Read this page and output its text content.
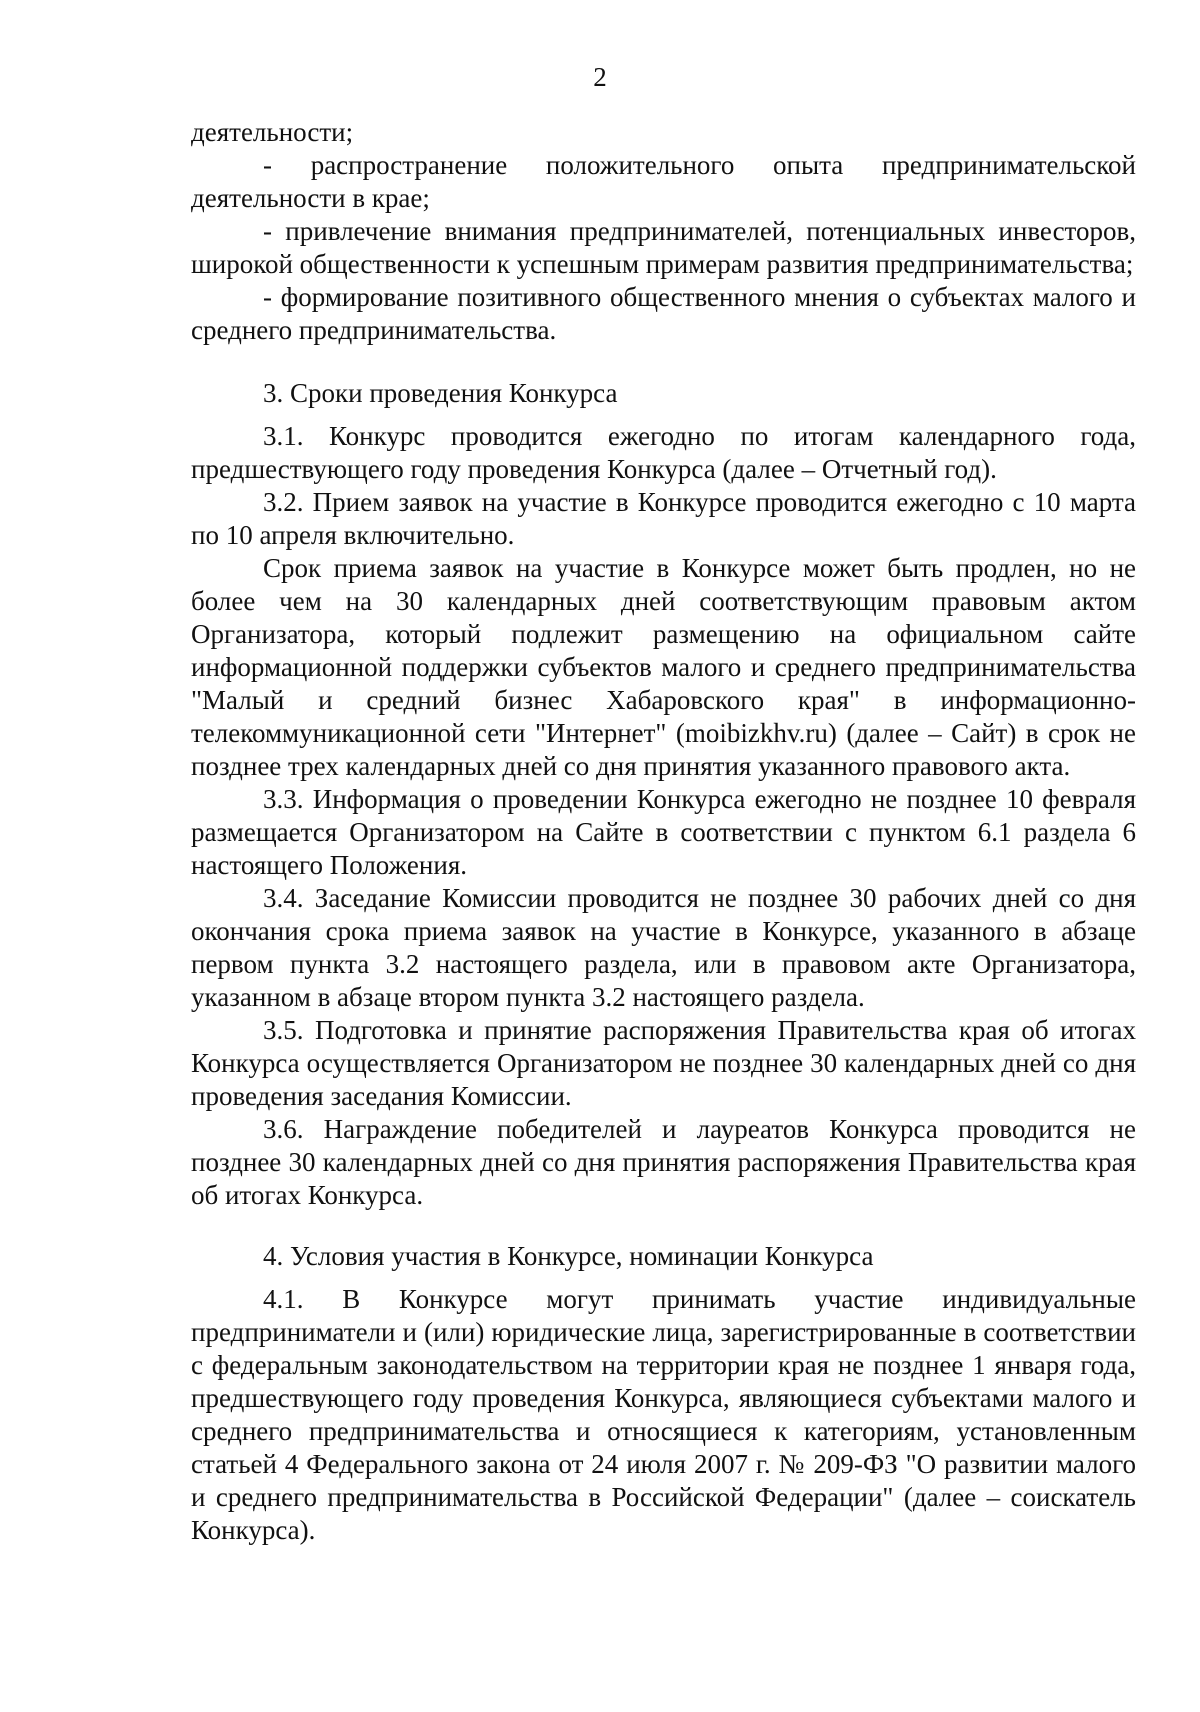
2

деятельности;

- распространение положительного опыта предпринимательской деятельности в крае;

- привлечение внимания предпринимателей, потенциальных инвесторов, широкой общественности к успешным примерам развития предпринимательства;

- формирование позитивного общественного мнения о субъектах малого и среднего предпринимательства.

3. Сроки проведения Конкурса

3.1. Конкурс проводится ежегодно по итогам календарного года, предшествующего году проведения Конкурса (далее – Отчетный год).

3.2. Прием заявок на участие в Конкурсе проводится ежегодно с 10 марта по 10 апреля включительно.

Срок приема заявок на участие в Конкурсе может быть продлен, но не более чем на 30 календарных дней соответствующим правовым актом Организатора, который подлежит размещению на официальном сайте информационной поддержки субъектов малого и среднего предпринимательства "Малый и средний бизнес Хабаровского края" в информационно-телекоммуникационной сети "Интернет" (moibizkhv.ru) (далее – Сайт) в срок не позднее трех календарных дней со дня принятия указанного правового акта.

3.3. Информация о проведении Конкурса ежегодно не позднее 10 февраля размещается Организатором на Сайте в соответствии с пунктом 6.1 раздела 6 настоящего Положения.

3.4. Заседание Комиссии проводится не позднее 30 рабочих дней со дня окончания срока приема заявок на участие в Конкурсе, указанного в абзаце первом пункта 3.2 настоящего раздела, или в правовом акте Организатора, указанном в абзаце втором пункта 3.2 настоящего раздела.

3.5. Подготовка и принятие распоряжения Правительства края об итогах Конкурса осуществляется Организатором не позднее 30 календарных дней со дня проведения заседания Комиссии.

3.6. Награждение победителей и лауреатов Конкурса проводится не позднее 30 календарных дней со дня принятия распоряжения Правительства края об итогах Конкурса.

4. Условия участия в Конкурсе, номинации Конкурса

4.1. В Конкурсе могут принимать участие индивидуальные предприниматели и (или) юридические лица, зарегистрированные в соответствии с федеральным законодательством на территории края не позднее 1 января года, предшествующего году проведения Конкурса, являющиеся субъектами малого и среднего предпринимательства и относящиеся к категориям, установленным статьей 4 Федерального закона от 24 июля 2007 г. № 209-ФЗ "О развитии малого и среднего предпринимательства в Российской Федерации" (далее – соискатель Конкурса).
